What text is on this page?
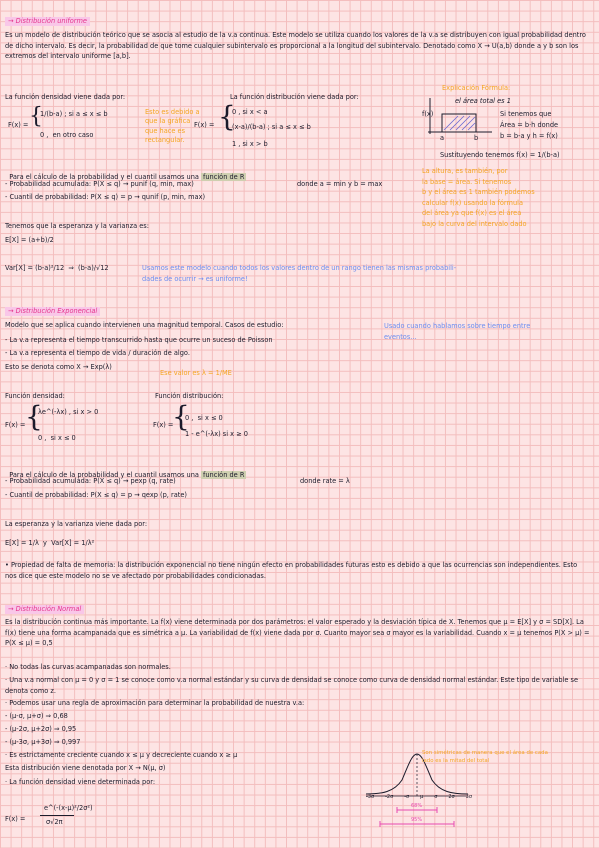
→ Distribución uniforme
Es un modelo de distribución teórico que se asocia al estudio de la v.a continua. Este modelo se utiliza cuando los valores de la v.a se distribuyen con igual probabilidad dentro de dicho intervalo. Es decir, la probabilidad de que tome cualquier subintervalo es proporcional a la longitud del subintervalo. Denotado como X → U(a,b) donde a y b son los extremos del intervalo uniforme [a,b].
La función densidad viene dada por:	La función distribución viene dada por:
F(x) = {
1/(b-a) ; si a ≤ x ≤ b
0 ,  en otro caso
Esto es debido a
que la gráfica
que hace es
rectangular.
F(x) = {
0 , si x < a
(x-a)/(b-a) ; si a ≤ x ≤ b
1 , si x > b
Explicación Fórmula:
el área total es 1
f(x)
a	b
Si tenemos que
Área = b·h donde
b = b-a y h = f(x)
Sustituyendo tenemos f(x) = 1/(b-a)
La altura, es también, por
la base = área. Si tenemos
b y el área es 1 también podemos
calcular f(x) usando la fórmula
del área ya que f(x) es el área
bajo la curva del intervalo dado

Para el cálculo de la probabilidad y el cuantil usamos una función de R

- Probabilidad acumulada: P(X ≤ q) → punif (q, min, max)	donde a = min y b = max
- Cuantil de probabilidad: P(X ≤ q) = p → qunif (p, min, max)
Tenemos que la esperanza y la varianza es:
E[X] = (a+b)/2
Var[X] = (b-a)²/12  ⇒  (b-a)/√12	Usamos este modelo cuando todos los valores dentro de un rango tienen las mismas probabili-
dades de ocurrir → es uniforme!
→ Distribución Exponencial
Modelo que se aplica cuando intervienen una magnitud temporal. Casos de estudio:	Usado cuando hablamos sobre tiempo entre
eventos...
- La v.a representa el tiempo transcurrido hasta que ocurre un suceso de Poisson
- La v.a representa el tiempo de vida / duración de algo.
Esto se denota como X → Exp(λ)
Ese valor es λ = 1/ME
Función densidad:	Función distribución:
F(x) = {
λe^(-λx) , si x > 0
0 ,  si x ≤ 0
F(x) =
{
0 ,  si x ≤ 0
1 - e^(-λx) si x ≥ 0

Para el cálculo de la probabilidad y el cuantil usamos una función de R

- Probabilidad acumulada: P(X ≤ q) → pexp (q, rate)	donde rate = λ
- Cuantil de probabilidad: P(X ≤ q) = p → qexp (p, rate)
La esperanza y la varianza viene dada por:
E[X] = 1/λ  y  Var[X] = 1/λ²
• Propiedad de falta de memoria: la distribución exponencial no tiene ningún efecto en probabilidades futuras esto es debido a que las ocurrencias son independientes. Esto nos dice que este modelo no se ve afectado por probabilidades condicionadas.
→ Distribución Normal
Es la distribución continua más importante. La f(x) viene determinada por dos parámetros: el valor esperado y la desviación típica de X. Tenemos que μ = E[X] y σ = SD[X]. La f(x) tiene una forma acampanada que es simétrica a μ. La variabilidad de f(x) viene dada por σ. Cuanto mayor sea σ mayor es la variabilidad. Cuando x = μ tenemos P(X > μ) = P(X ≤ μ) = 0,5
· No todas las curvas acampanadas son normales.
· Una v.a normal con μ = 0 y σ = 1 se conoce como v.a normal estándar y su curva de densidad se conoce como curva de densidad normal estándar. Este tipo de variable se denota como z.
· Podemos usar una regla de aproximación para determinar la probabilidad de nuestra v.a:
- (μ-σ, μ+σ) ⇒ 0,68
- (μ-2σ, μ+2σ) ⇒ 0,95
- (μ-3σ, μ+3σ) ⇒ 0,997
· Es estrictamente creciente cuando x ≤ μ y decreciente cuando x ≥ μ
Esta distribución viene denotada por X → N(μ, σ)
· La función densidad viene determinada por:
F(x) =
e^(-(x-μ)²/2σ²)
σ√2π
-3σ -2σ -σ μ σ 2σ 3σ
68%
95%
Son simétricas de manera que el área de cada
lado es la mitad del total
